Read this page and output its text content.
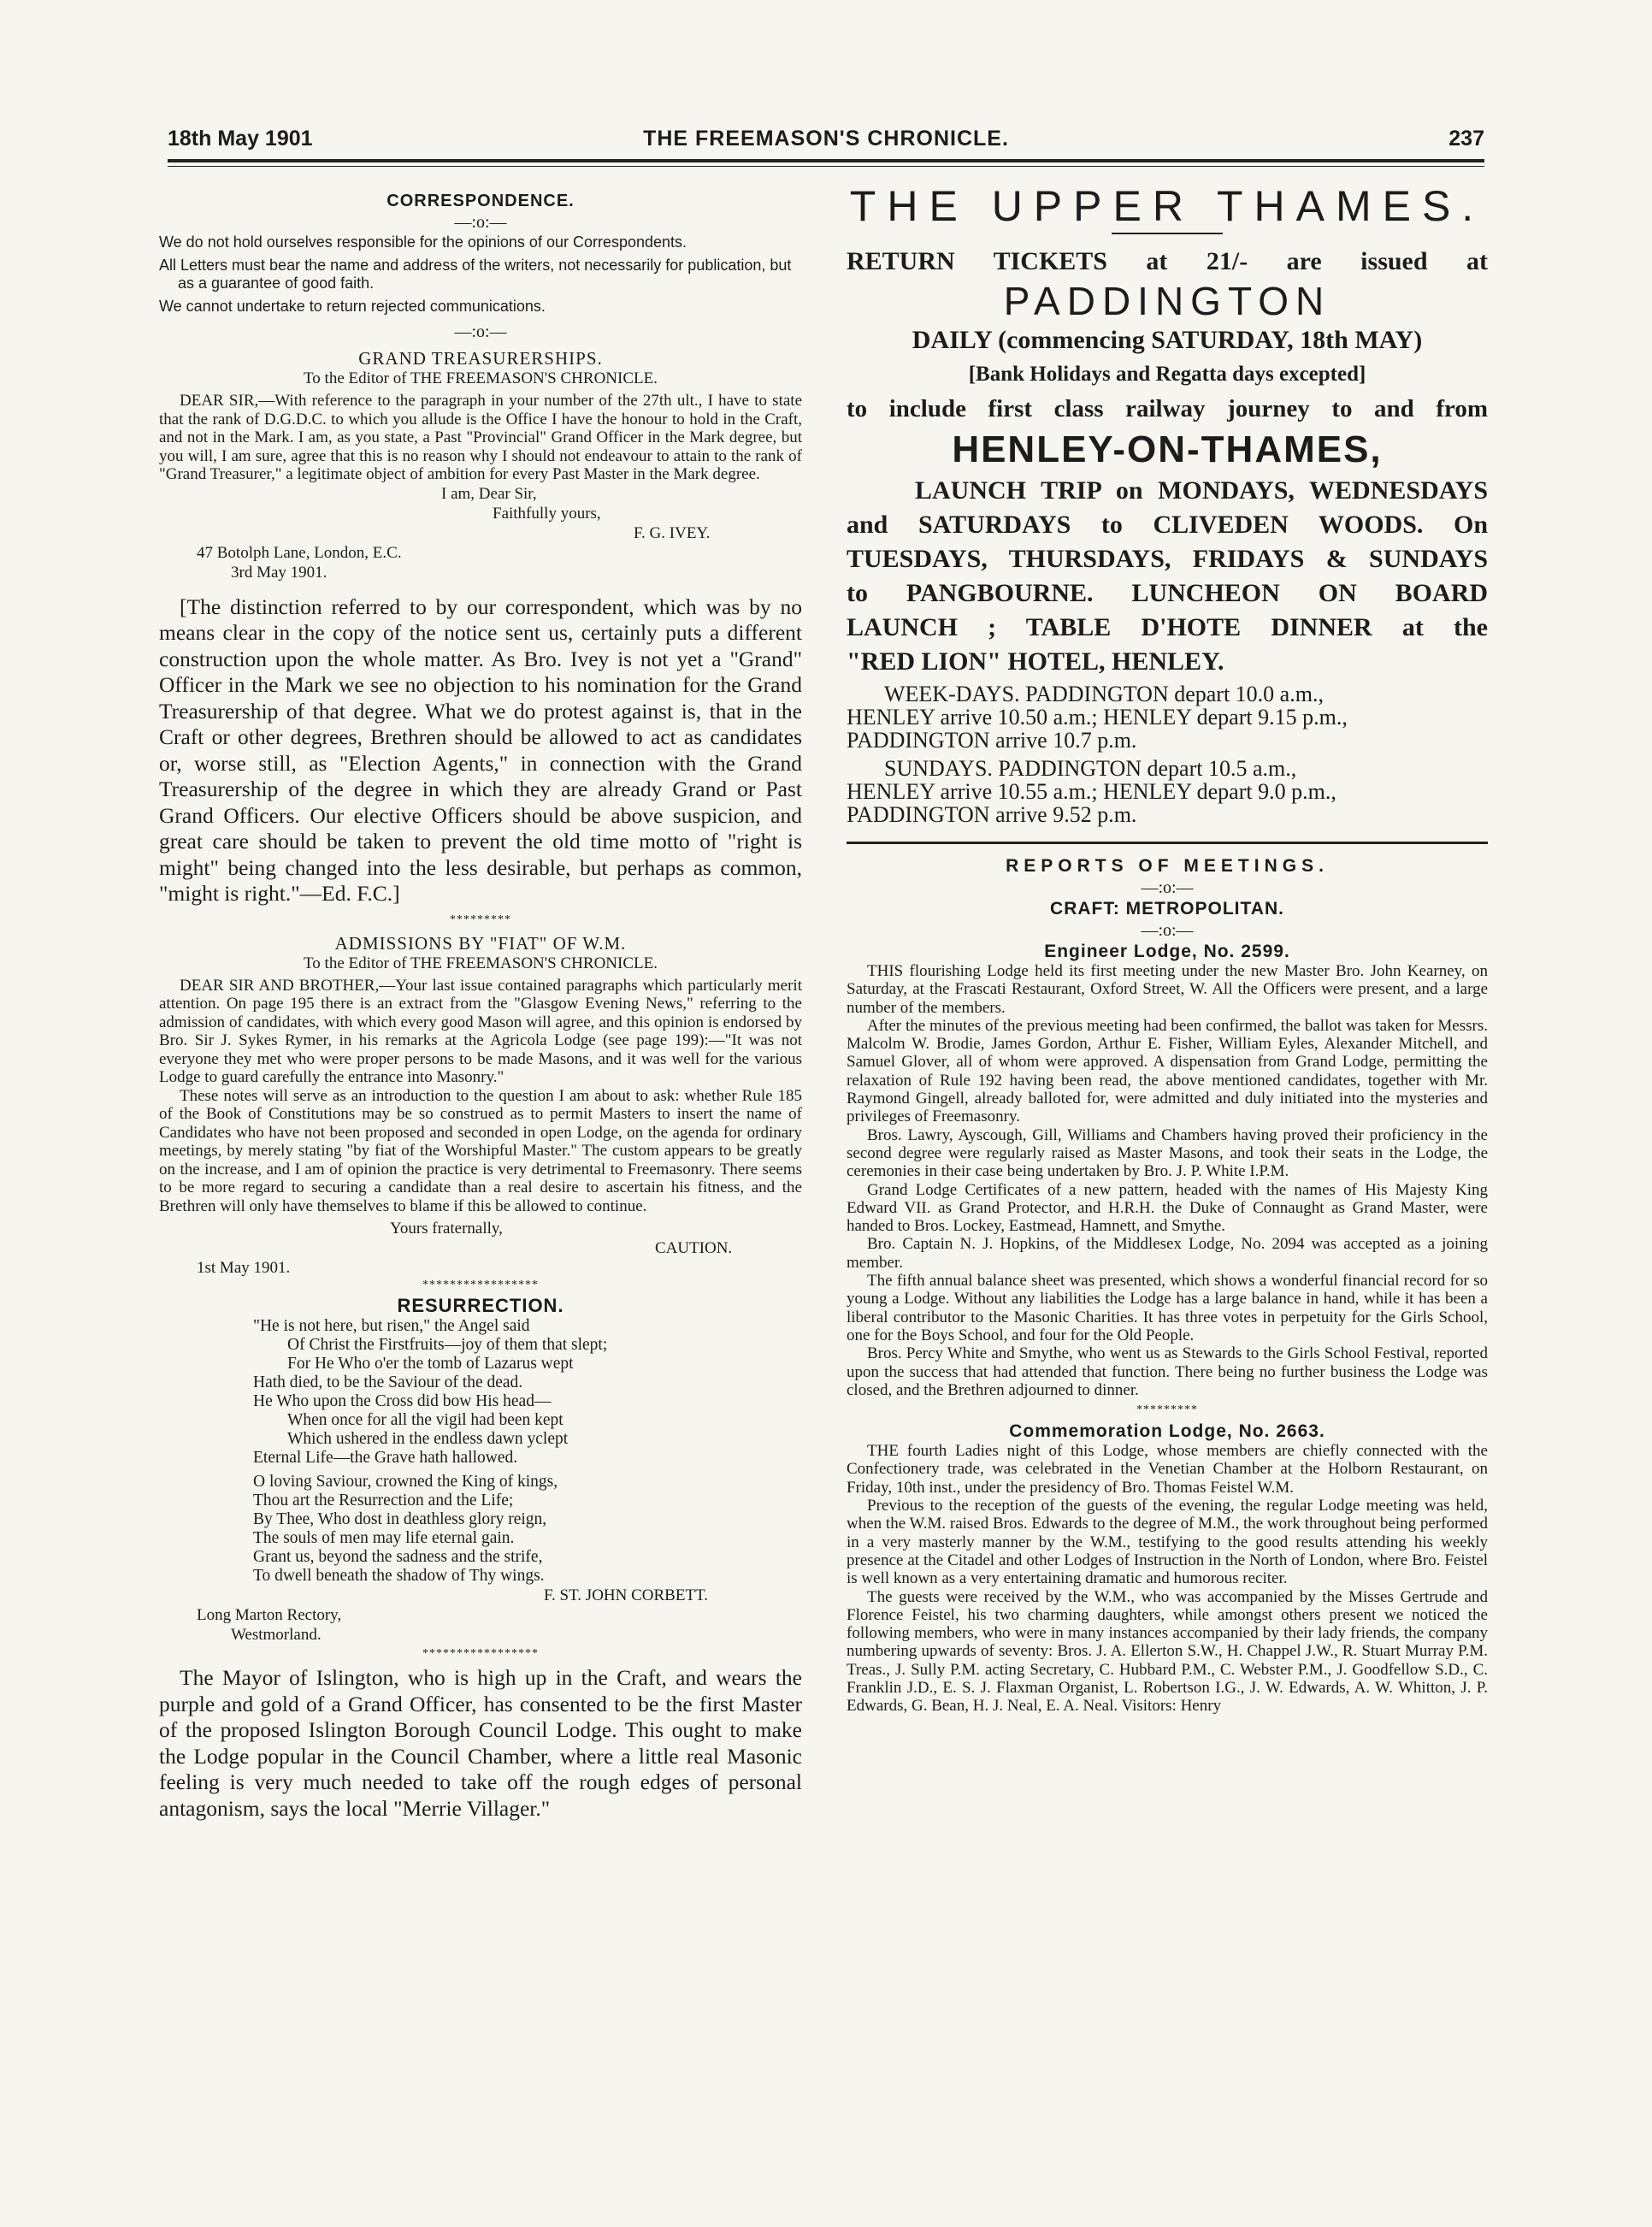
18th May 1901	THE FREEMASON'S CHRONICLE.	237
CORRESPONDENCE.
—:o:—
We do not hold ourselves responsible for the opinions of our Correspondents.
All Letters must bear the name and address of the writers, not necessarily for publication, but as a guarantee of good faith.
We cannot undertake to return rejected communications.
—:o:—
GRAND TREASURERSHIPS.
To the Editor of THE FREEMASON'S CHRONICLE.

DEAR SIR,—With reference to the paragraph in your number of the 27th ult., I have to state that the rank of D.G.D.C. to which you allude is the Office I have the honour to hold in the Craft, and not in the Mark. I am, as you state, a Past "Provincial" Grand Officer in the Mark degree, but you will, I am sure, agree that this is no reason why I should not endeavour to attain to the rank of "Grand Treasurer," a legitimate object of ambition for every Past Master in the Mark degree.

I am, Dear Sir,
Faithfully yours,
F. G. IVEY.
47 Botolph Lane, London, E.C.
3rd May 1901.

[The distinction referred to by our correspondent, which was by no means clear in the copy of the notice sent us, certainly puts a different construction upon the whole matter. As Bro. Ivey is not yet a "Grand" Officer in the Mark we see no objection to his nomination for the Grand Treasurership of that degree. What we do protest against is, that in the Craft or other degrees, Brethren should be allowed to act as candidates or, worse still, as "Election Agents," in connection with the Grand Treasurership of the degree in which they are already Grand or Past Grand Officers. Our elective Officers should be above suspicion, and great care should be taken to prevent the old time motto of "right is might" being changed into the less desirable, but perhaps as common, "might is right."—Ed. F.C.]

*********
ADMISSIONS BY "FIAT" OF W.M.
To the Editor of THE FREEMASON'S CHRONICLE.

DEAR SIR AND BROTHER,—Your last issue contained paragraphs which particularly merit attention. On page 195 there is an extract from the "Glasgow Evening News," referring to the admission of candidates, with which every good Mason will agree, and this opinion is endorsed by Bro. Sir J. Sykes Rymer, in his remarks at the Agricola Lodge (see page 199):—"It was not everyone they met who were proper persons to be made Masons, and it was well for the various Lodge to guard carefully the entrance into Masonry."

These notes will serve as an introduction to the question I am about to ask: whether Rule 185 of the Book of Constitutions may be so construed as to permit Masters to insert the name of Candidates who have not been proposed and seconded in open Lodge, on the agenda for ordinary meetings, by merely stating "by fiat of the Worshipful Master." The custom appears to be greatly on the increase, and I am of opinion the practice is very detrimental to Freemasonry. There seems to be more regard to securing a candidate than a real desire to ascertain his fitness, and the Brethren will only have themselves to blame if this be allowed to continue.

Yours fraternally,
CAUTION.
1st May 1901.
*****************
RESURRECTION.
"He is not here, but risen," the Angel said
Of Christ the Firstfruits—joy of them that slept;
For He Who o'er the tomb of Lazarus wept
Hath died, to be the Saviour of the dead.
He Who upon the Cross did bow His head—
When once for all the vigil had been kept
Which ushered in the endless dawn yclept
Eternal Life—the Grave hath hallowed.
O loving Saviour, crowned the King of kings,
Thou art the Resurrection and the Life;
By Thee, Who dost in deathless glory reign,
The souls of men may life eternal gain.
Grant us, beyond the sadness and the strife,
To dwell beneath the shadow of Thy wings.
F. ST. JOHN CORBETT.
Long Marton Rectory,
Westmorland.
*****************

The Mayor of Islington, who is high up in the Craft, and wears the purple and gold of a Grand Officer, has consented to be the first Master of the proposed Islington Borough Council Lodge. This ought to make the Lodge popular in the Council Chamber, where a little real Masonic feeling is very much needed to take off the rough edges of personal antagonism, says the local "Merrie Villager."

THE UPPER THAMES.
RETURN TICKETS at 21/- are issued at
PADDINGTON
DAILY (commencing SATURDAY, 18th MAY)
[Bank Holidays and Regatta days excepted]
to include first class railway journey to and from
HENLEY-ON-THAMES,
LAUNCH TRIP on MONDAYS, WEDNESDAYS
and SATURDAYS to CLIVEDEN WOODS. On
TUESDAYS, THURSDAYS, FRIDAYS & SUNDAYS
to PANGBOURNE. LUNCHEON ON BOARD
LAUNCH ; TABLE D'HOTE DINNER at the
"RED LION" HOTEL, HENLEY.

WEEK-DAYS. PADDINGTON depart 10.0 a.m.,
HENLEY arrive 10.50 a.m.; HENLEY depart 9.15 p.m.,
PADDINGTON arrive 10.7 p.m.

SUNDAYS. PADDINGTON depart 10.5 a.m.,
HENLEY arrive 10.55 a.m.; HENLEY depart 9.0 p.m.,
PADDINGTON arrive 9.52 p.m.

REPORTS OF MEETINGS.
—:o:—
CRAFT: METROPOLITAN.
—:o:—
Engineer Lodge, No. 2599.

THIS flourishing Lodge held its first meeting under the new Master Bro. John Kearney, on Saturday, at the Frascati Restaurant, Oxford Street, W. All the Officers were present, and a large number of the members.

After the minutes of the previous meeting had been confirmed, the ballot was taken for Messrs. Malcolm W. Brodie, James Gordon, Arthur E. Fisher, William Eyles, Alexander Mitchell, and Samuel Glover, all of whom were approved. A dispensation from Grand Lodge, permitting the relaxation of Rule 192 having been read, the above mentioned candidates, together with Mr. Raymond Gingell, already balloted for, were admitted and duly initiated into the mysteries and privileges of Freemasonry.

Bros. Lawry, Ayscough, Gill, Williams and Chambers having proved their proficiency in the second degree were regularly raised as Master Masons, and took their seats in the Lodge, the ceremonies in their case being undertaken by Bro. J. P. White I.P.M.

Grand Lodge Certificates of a new pattern, headed with the names of His Majesty King Edward VII. as Grand Protector, and H.R.H. the Duke of Connaught as Grand Master, were handed to Bros. Lockey, Eastmead, Hamnett, and Smythe.

Bro. Captain N. J. Hopkins, of the Middlesex Lodge, No. 2094 was accepted as a joining member.

The fifth annual balance sheet was presented, which shows a wonderful financial record for so young a Lodge. Without any liabilities the Lodge has a large balance in hand, while it has been a liberal contributor to the Masonic Charities. It has three votes in perpetuity for the Girls School, one for the Boys School, and four for the Old People.

Bros. Percy White and Smythe, who went us as Stewards to the Girls School Festival, reported upon the success that had attended that function. There being no further business the Lodge was closed, and the Brethren adjourned to dinner.

*********
Commemoration Lodge, No. 2663.

THE fourth Ladies night of this Lodge, whose members are chiefly connected with the Confectionery trade, was celebrated in the Venetian Chamber at the Holborn Restaurant, on Friday, 10th inst., under the presidency of Bro. Thomas Feistel W.M.

Previous to the reception of the guests of the evening, the regular Lodge meeting was held, when the W.M. raised Bros. Edwards to the degree of M.M., the work throughout being performed in a very masterly manner by the W.M., testifying to the good results attending his weekly presence at the Citadel and other Lodges of Instruction in the North of London, where Bro. Feistel is well known as a very entertaining dramatic and humorous reciter.

The guests were received by the W.M., who was accompanied by the Misses Gertrude and Florence Feistel, his two charming daughters, while amongst others present we noticed the following members, who were in many instances accompanied by their lady friends, the company numbering upwards of seventy: Bros. J. A. Ellerton S.W., H. Chappel J.W., R. Stuart Murray P.M. Treas., J. Sully P.M. acting Secretary, C. Hubbard P.M., C. Webster P.M., J. Goodfellow S.D., C. Franklin J.D., E. S. J. Flaxman Organist, L. Robertson I.G., J. W. Edwards, A. W. Whitton, J. P. Edwards, G. Bean, H. J. Neal, E. A. Neal. Visitors: Henry
